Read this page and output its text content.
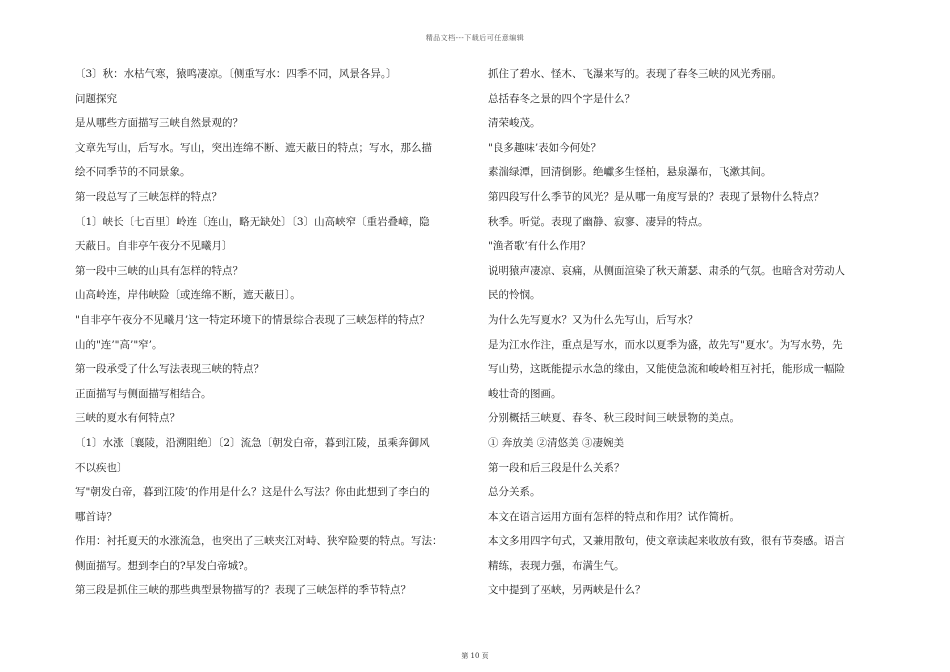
精品文档---下载后可任意编辑
〔3〕秋：水枯气寒，猿鸣凄凉。〔侧重写水：四季不同，风景各异。〕
问题探究
是从哪些方面描写三峡自然景观的？
文章先写山，后写水。写山，突出连绵不断、遮天蔽日的特点；写水，那么描
绘不同季节的不同景象。
第一段总写了三峡怎样的特点？
〔1〕峡长〔七百里〕岭连〔连山，略无缺处〕〔3〕山高峡窄〔重岩叠嶂，隐
天蔽日。自非亭午夜分不见曦月〕
第一段中三峡的山具有怎样的特点？
山高岭连，岸伟峡险〔或连绵不断，遮天蔽日〕。
"自非亭午夜分不见曦月’这一特定环境下的情景综合表现了三峡怎样的特点？
山的"连’"高’"窄’。
第一段承受了什么写法表现三峡的特点？
正面描写与侧面描写相结合。
三峡的夏水有何特点？
〔1〕水涨〔襄陵，沿溯阻绝〕〔2〕流急〔朝发白帝，暮到江陵，虽乘奔御风
不以疾也〕
写"朝发白帝，暮到江陵’的作用是什么？这是什么写法？你由此想到了李白的
哪首诗？
作用：衬托夏天的水涨流急，也突出了三峡夹江对峙、狭窄险要的特点。写法：
侧面描写。想到李白的?早发白帝城?。
第三段是抓住三峡的那些典型景物描写的？表现了三峡怎样的季节特点？
抓住了碧水、怪木、飞瀑来写的。表现了春冬三峡的风光秀丽。
总括春冬之景的四个字是什么？
清荣峻茂。
"良多趣味’表如今何处？
素湍绿潭，回清倒影。绝巘多生怪柏，悬泉瀑布，飞漱其间。
第四段写什么季节的风光？是从哪一角度写景的？表现了景物什么特点？
秋季。听觉。表现了幽静、寂寥、凄异的特点。
"渔者歌’有什么作用？
说明猿声凄凉、哀痛，从侧面渲染了秋天萧瑟、肃杀的气氛。也暗含对劳动人
民的怜悯。
为什么先写夏水？又为什么先写山，后写水？
是为江水作注，重点是写水，而水以夏季为盛，故先写"夏水’。为写水势，先
写山势，这既能提示水急的缘由，又能使急流和峻岭相互衬托，能形成一幅险
峻壮奇的图画。
分别概括三峡夏、春冬、秋三段时间三峡景物的美点。
① 奔放美 ②清悠美 ③凄婉美
第一段和后三段是什么关系？
总分关系。
本文在语言运用方面有怎样的特点和作用？试作简析。
本文多用四字句式，又兼用散句，使文章读起来收放有致，很有节奏感。语言
精练，表现力强，布满生气。
文中提到了巫峡，另两峡是什么？
第 10 页
